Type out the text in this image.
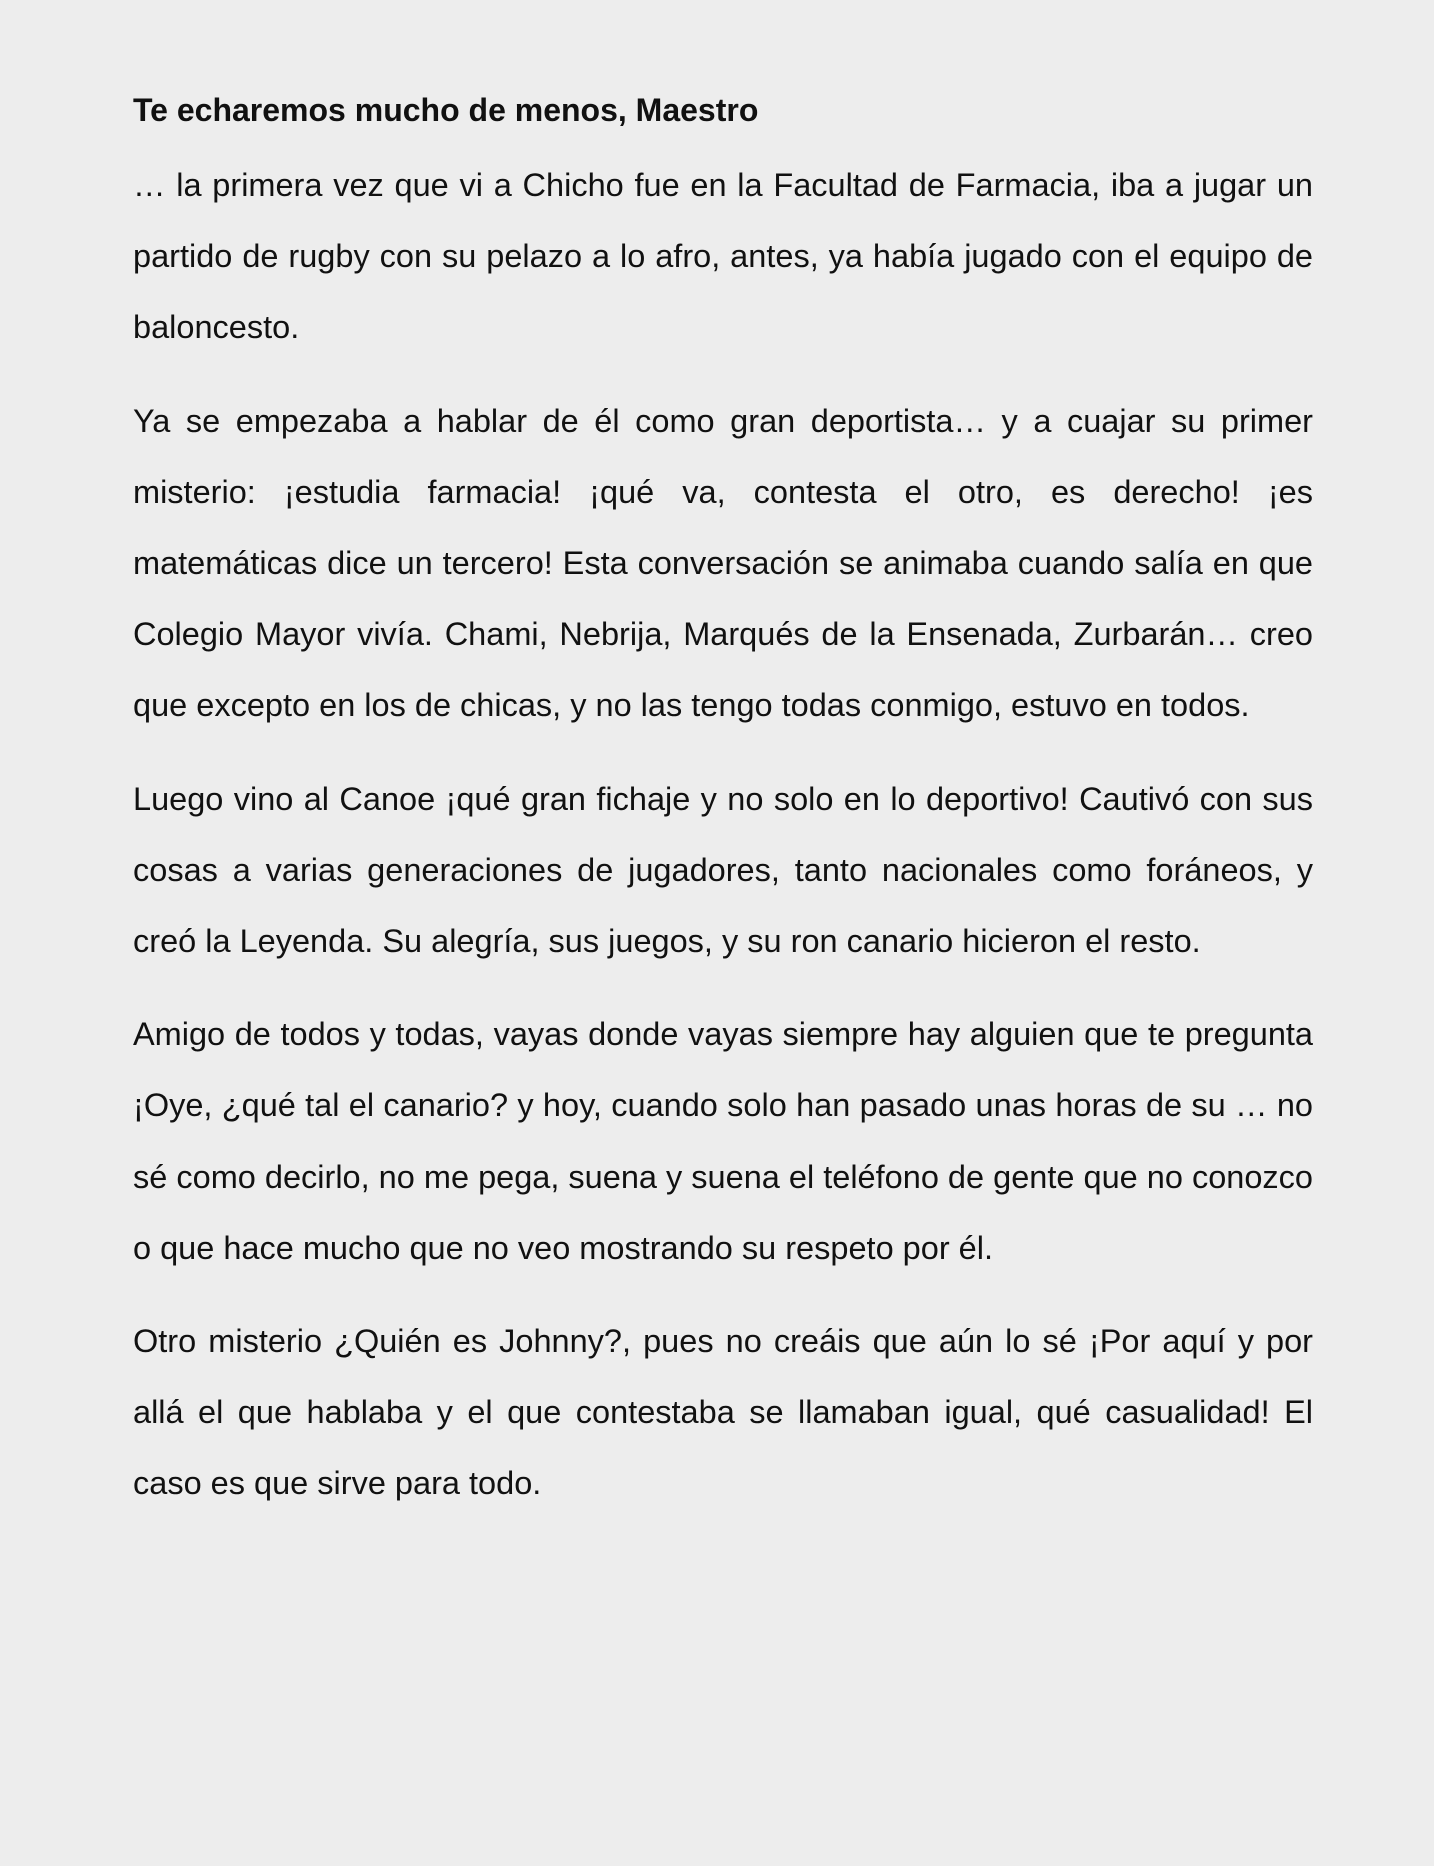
Te echaremos mucho de menos, Maestro

… la primera vez que vi a Chicho fue en la Facultad de Farmacia, iba a jugar un partido de rugby con su pelazo a lo afro, antes, ya había jugado con el equipo de baloncesto.

Ya se empezaba a hablar de él como gran deportista… y a cuajar su primer misterio: ¡estudia farmacia! ¡qué va, contesta el otro, es derecho! ¡es matemáticas dice un tercero! Esta conversación se animaba cuando salía en que Colegio Mayor vivía. Chami, Nebrija, Marqués de la Ensenada, Zurbarán… creo que excepto en los de chicas, y no las tengo todas conmigo, estuvo en todos.

Luego vino al Canoe ¡qué gran fichaje y no solo en lo deportivo! Cautivó con sus cosas a varias generaciones de jugadores, tanto nacionales como foráneos, y creó la Leyenda. Su alegría, sus juegos, y su ron canario hicieron el resto.

Amigo de todos y todas, vayas donde vayas siempre hay alguien que te pregunta ¡Oye, ¿qué tal el canario? y hoy, cuando solo han pasado unas horas de su … no sé como decirlo, no me pega, suena y suena el teléfono de gente que no conozco o que hace mucho que no veo mostrando su respeto por él.

Otro misterio ¿Quién es Johnny?, pues no creáis que aún lo sé ¡Por aquí y por allá el que hablaba y el que contestaba se llamaban igual, qué casualidad! El caso es que sirve para todo.
